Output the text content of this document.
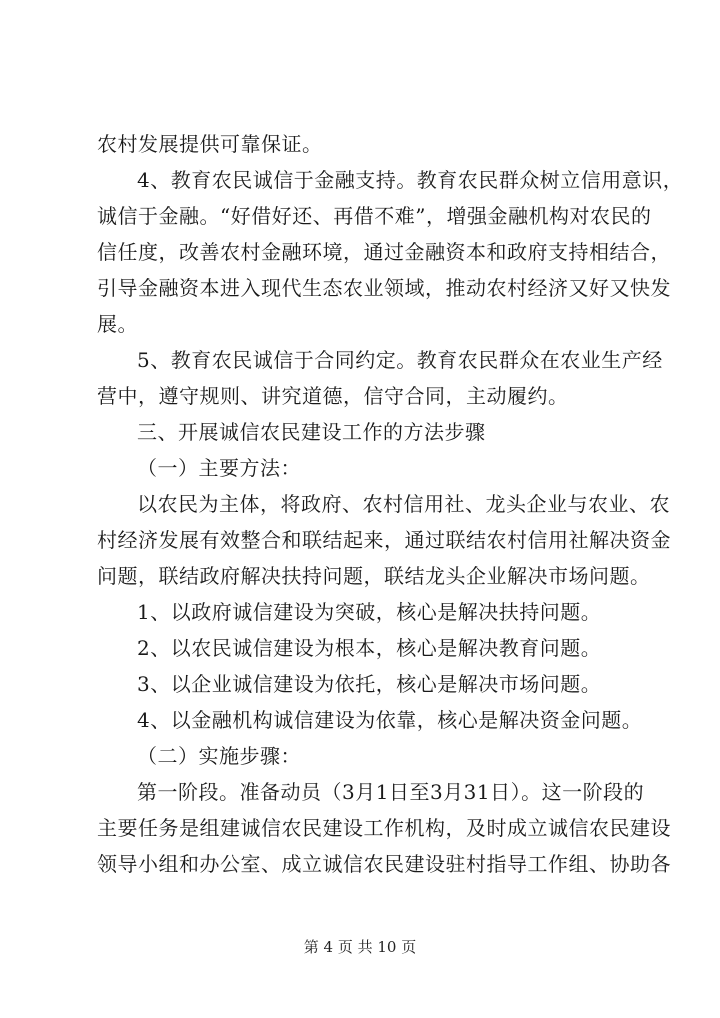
农村发展提供可靠保证。
4、教育农民诚信于金融支持。教育农民群众树立信用意识，
诚信于金融。“好借好还、再借不难”，增强金融机构对农民的
信任度，改善农村金融环境，通过金融资本和政府支持相结合，
引导金融资本进入现代生态农业领域，推动农村经济又好又快发
展。
5、教育农民诚信于合同约定。教育农民群众在农业生产经
营中，遵守规则、讲究道德，信守合同，主动履约。
三、开展诚信农民建设工作的方法步骤
（一）主要方法：
以农民为主体，将政府、农村信用社、龙头企业与农业、农
村经济发展有效整合和联结起来，通过联结农村信用社解决资金
问题，联结政府解决扶持问题，联结龙头企业解决市场问题。
1、以政府诚信建设为突破，核心是解决扶持问题。
2、以农民诚信建设为根本，核心是解决教育问题。
3、以企业诚信建设为依托，核心是解决市场问题。
4、以金融机构诚信建设为依靠，核心是解决资金问题。
（二）实施步骤：
第一阶段。准备动员（3月1日至3月31日）。这一阶段的
主要任务是组建诚信农民建设工作机构，及时成立诚信农民建设
领导小组和办公室、成立诚信农民建设驻村指导工作组、协助各
第 4 页 共 10 页
